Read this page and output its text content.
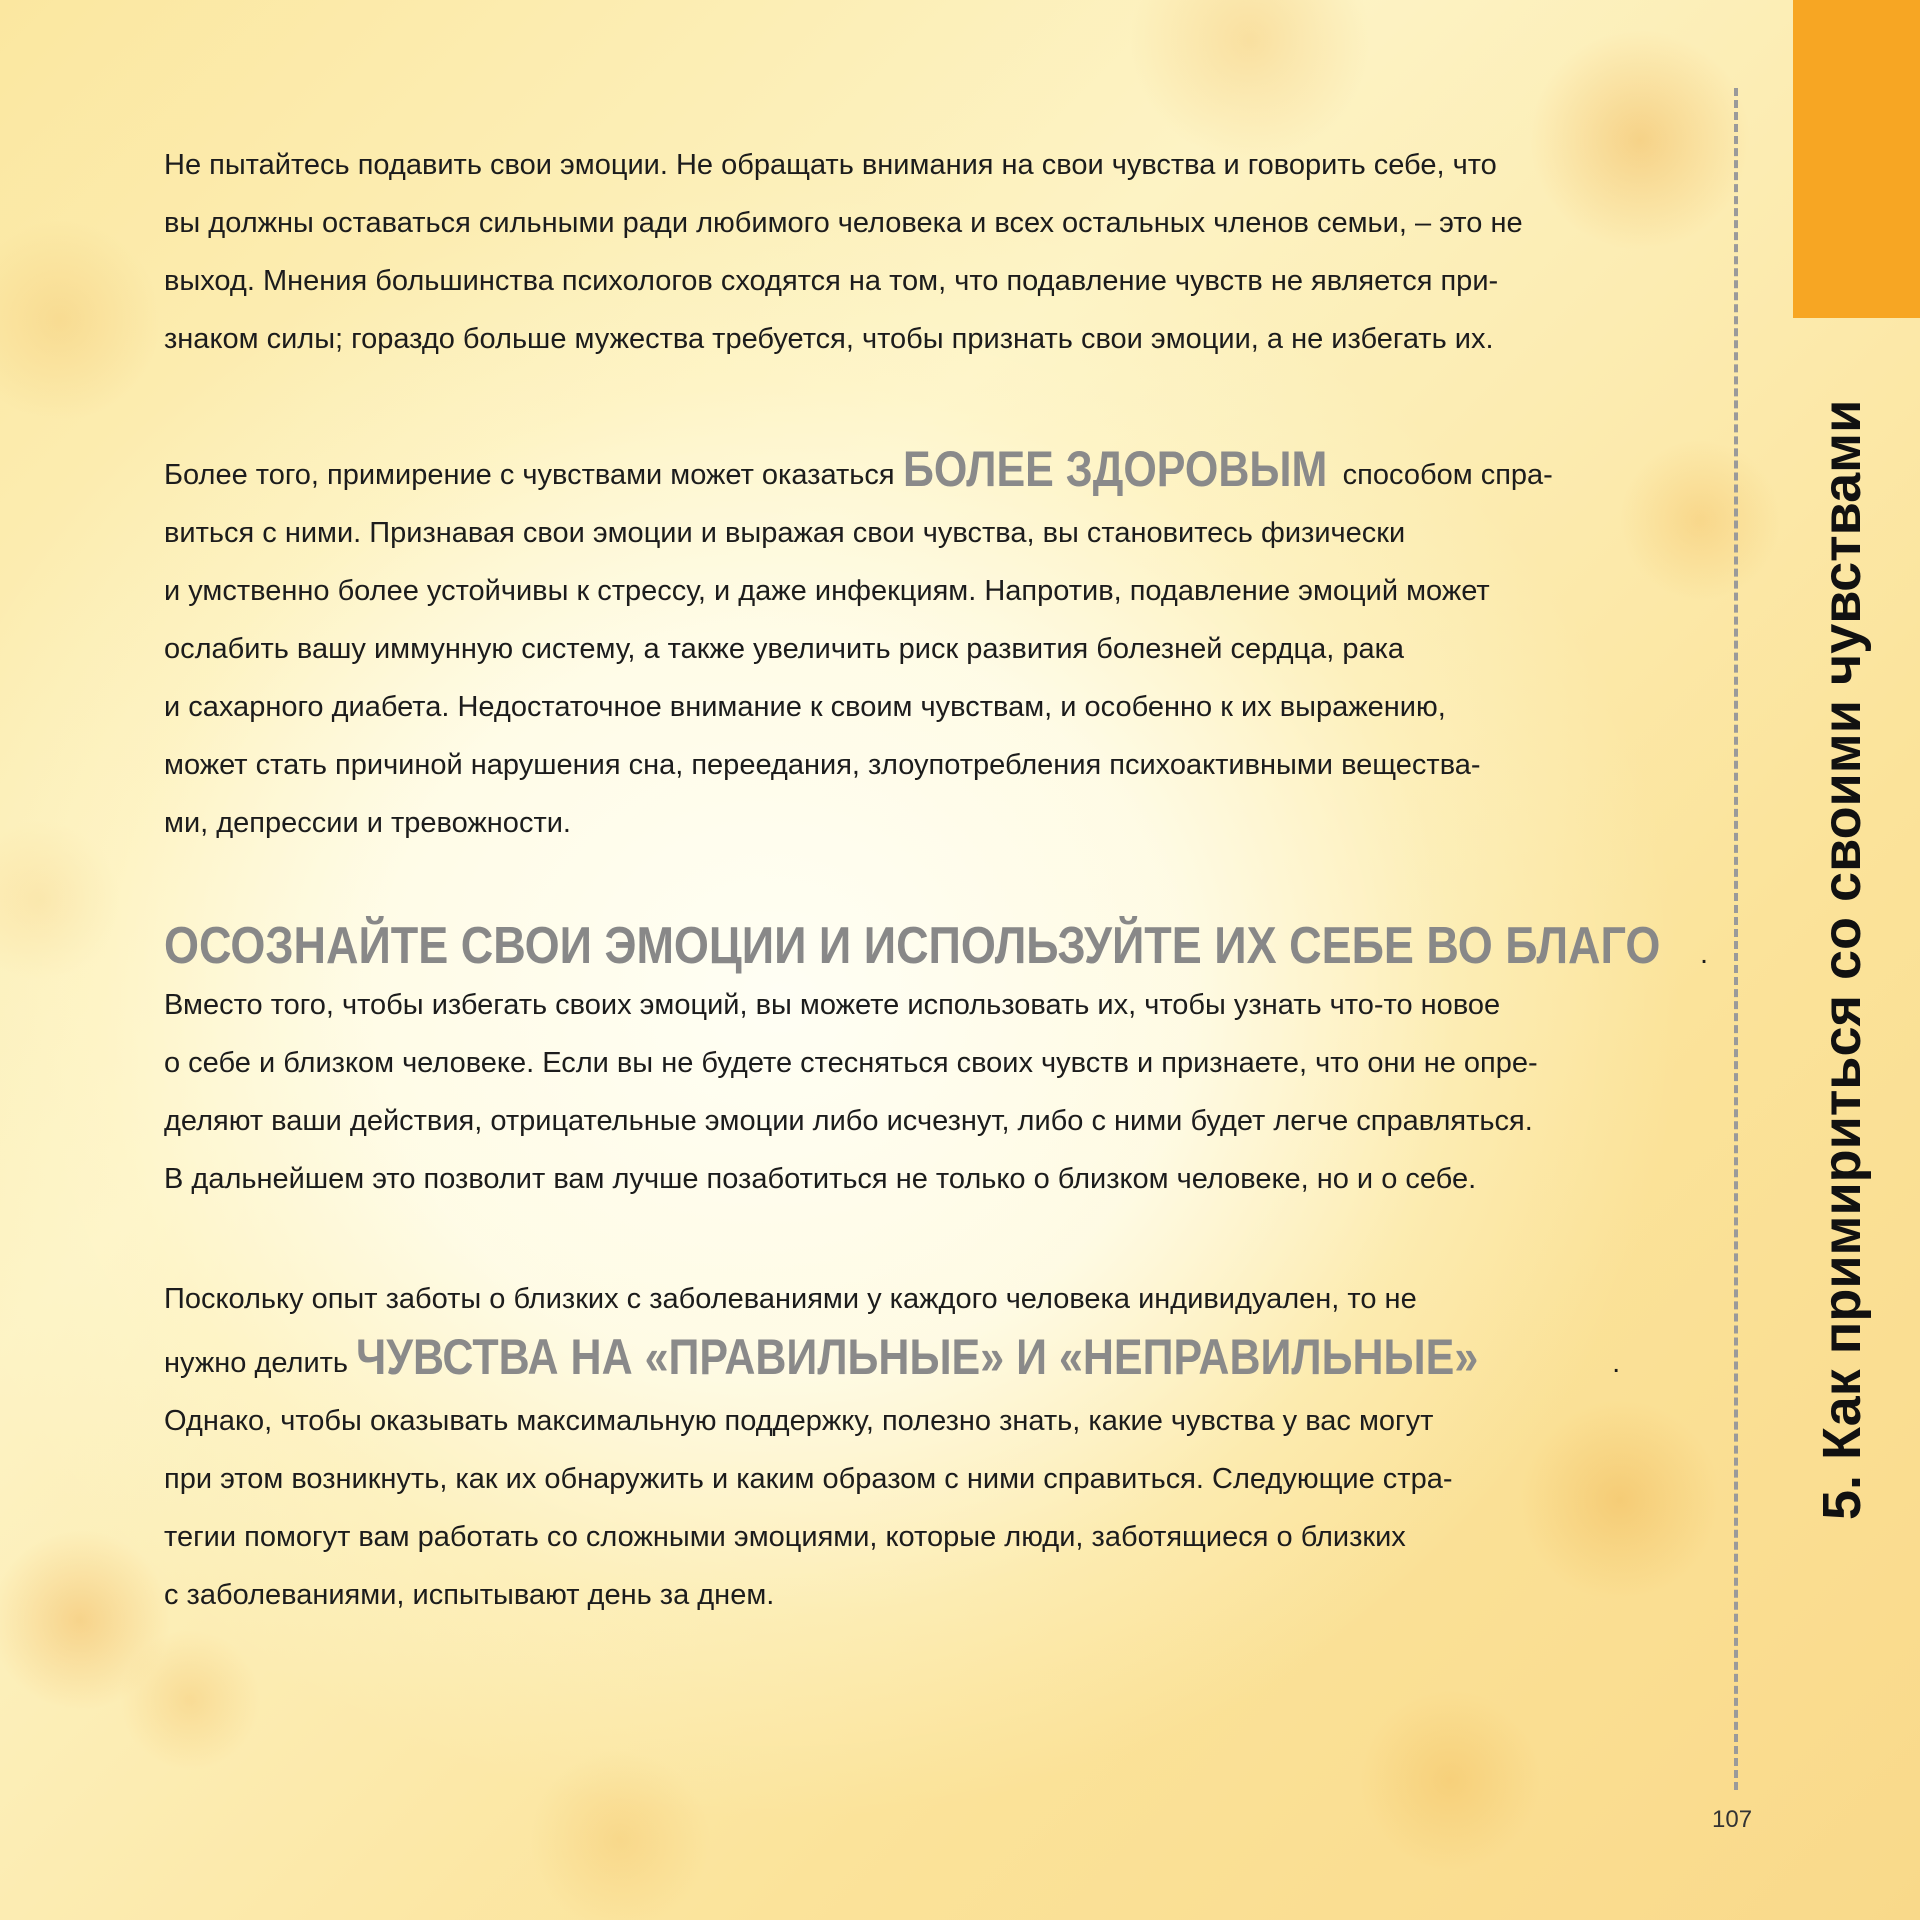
5. Как примириться со своими чувствами

Не пытайтесь подавить свои эмоции. Не обращать внимания на свои чувства и говорить себе, что
вы должны оставаться сильными ради любимого человека и всех остальных членов семьи, – это не
выход. Мнения большинства психологов сходятся на том, что подавление чувств не является при-
знаком силы; гораздо больше мужества требуется, чтобы признать свои эмоции, а не избегать их.

Более того, примирение с чувствами может оказаться БОЛЕЕ ЗДОРОВЫМ способом спра-
виться с ними. Признавая свои эмоции и выражая свои чувства, вы становитесь физически
и умственно более устойчивы к стрессу, и даже инфекциям. Напротив, подавление эмоций может
ослабить вашу иммунную систему, а также увеличить риск развития болезней сердца, рака
и сахарного диабета. Недостаточное внимание к своим чувствам, и особенно к их выражению,
может стать причиной нарушения сна, переедания, злоупотребления психоактивными вещества-
ми, депрессии и тревожности.

ОСОЗНАЙТЕ СВОИ ЭМОЦИИ И ИСПОЛЬЗУЙТЕ ИХ СЕБЕ ВО БЛАГО .

Вместо того, чтобы избегать своих эмоций, вы можете использовать их, чтобы узнать что-то новое
о себе и близком человеке. Если вы не будете стесняться своих чувств и признаете, что они не опре-
деляют ваши действия, отрицательные эмоции либо исчезнут, либо с ними будет легче справляться.
В дальнейшем это позволит вам лучше позаботиться не только о близком человеке, но и о себе.

Поскольку опыт заботы о близких с заболеваниями у каждого человека индивидуален, то не
нужно делить ЧУВСТВА НА «ПРАВИЛЬНЫЕ» И «НЕПРАВИЛЬНЫЕ»	.
Однако, чтобы оказывать максимальную поддержку, полезно знать, какие чувства у вас могут
при этом возникнуть, как их обнаружить и каким образом с ними справиться. Следующие стра-
тегии помогут вам работать со сложными эмоциями, которые люди, заботящиеся о близких
с заболеваниями, испытывают день за днем.

107
